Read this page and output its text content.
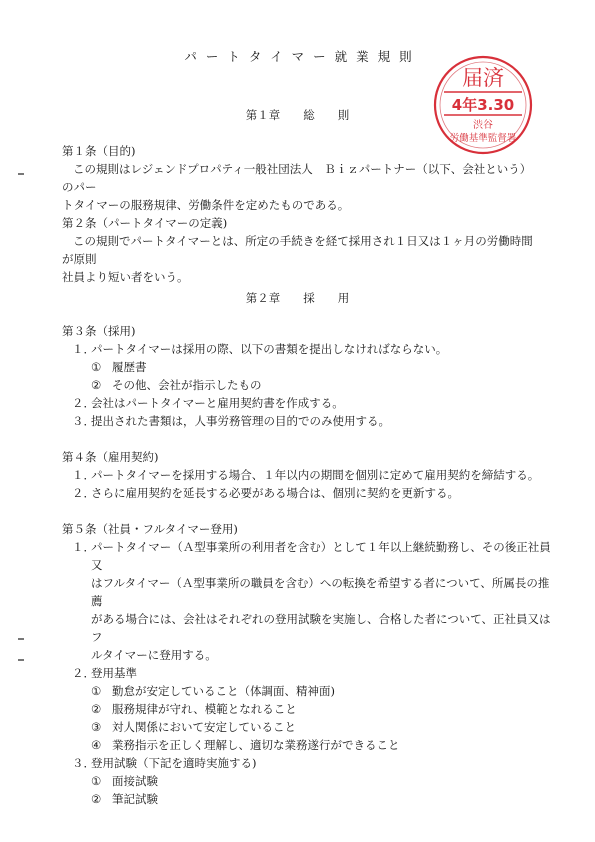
パートタイマー就業規則
届済
4年3.30
渋谷
労働基準監督署
第１章　　総　　則

第１条（目的)

この規則はレジェンドプロパティ一般社団法人　Ｂｉｚパートナー（以下、会社という）のパー

トタイマーの服務規律、労働条件を定めたものである。

第２条（パートタイマーの定義)

この規則でパートタイマーとは、所定の手続きを経て採用され１日又は１ヶ月の労働時間が原則

社員より短い者をいう。

第２章　　採　　用

第３条（採用)

１．
パートタイマーは採用の際、以下の書類を提出しなければならない。

① 履歴書

② その他、会社が指示したもの

２．
会社はパートタイマーと雇用契約書を作成する。

３．
提出された書類は，人事労務管理の目的でのみ使用する。

第４条（雇用契約)

１．
パートタイマーを採用する場合、１年以内の期間を個別に定めて雇用契約を締結する。

２．
さらに雇用契約を延長する必要がある場合は、個別に契約を更新する。

第５条（社員・フルタイマー登用)

１．
パートタイマー（Ａ型事業所の利用者を含む）として１年以上継続勤務し、その後正社員又

はフルタイマー（Ａ型事業所の職員を含む）への転換を希望する者について、所属長の推薦

がある場合には、会社はそれぞれの登用試験を実施し、合格した者について、正社員又はフ

ルタイマーに登用する。

２．
登用基準

① 勤怠が安定していること（体調面、精神面)

② 服務規律が守れ、模範となれること

③ 対人関係において安定していること

④ 業務指示を正しく理解し、適切な業務遂行ができること

３．
登用試験（下記を適時実施する)

① 面接試験

② 筆記試験
